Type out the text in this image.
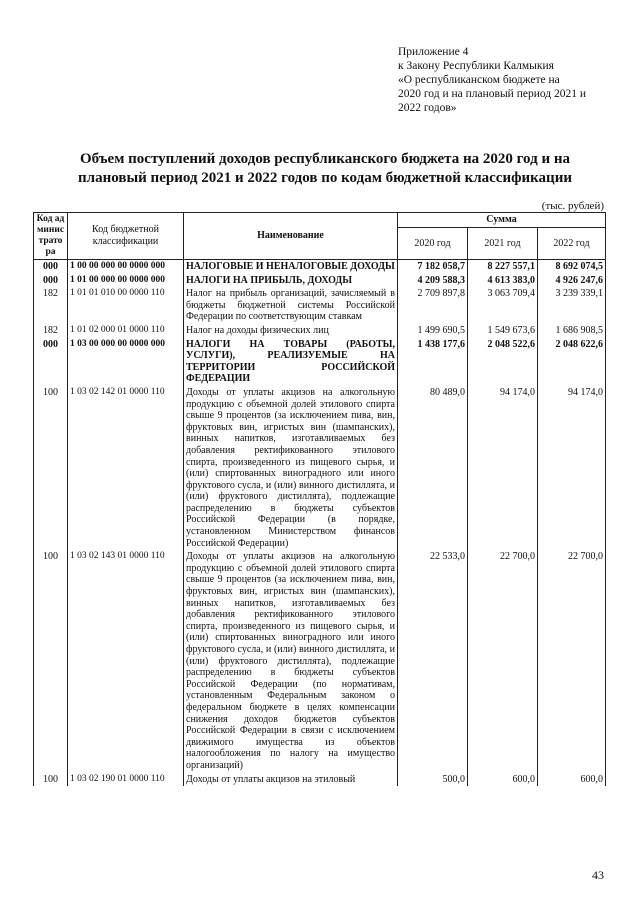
Приложение 4
к Закону Республики Калмыкия
«О республиканском бюджете на
2020 год и на плановый период 2021 и
2022 годов»
Объем поступлений доходов республиканского бюджета на 2020 год и на плановый период 2021 и 2022 годов по кодам бюджетной классификации
(тыс. рублей)
Код администратора	Код бюджетной классификации	Наименование	Сумма		
			2020 год	2021 год	2022 год
000	1 00 00 000 00 0000 000	НАЛОГОВЫЕ И НЕНАЛОГОВЫЕ ДОХОДЫ	7 182 058,7	8 227 557,1	8 692 074,5
000	1 01 00 000 00 0000 000	НАЛОГИ НА ПРИБЫЛЬ, ДОХОДЫ	4 209 588,3	4 613 383,0	4 926 247,6
182	1 01 01 010 00 0000 110	Налог на прибыль организаций, зачисляемый в бюджеты бюджетной системы Российской Федерации по соответствующим ставкам	2 709 897,8	3 063 709,4	3 239 339,1
182	1 01 02 000 01 0000 110	Налог на доходы физических лиц	1 499 690,5	1 549 673,6	1 686 908,5
000	1 03 00 000 00 0000 000	НАЛОГИ НА ТОВАРЫ (РАБОТЫ, УСЛУГИ), РЕАЛИЗУЕМЫЕ НА ТЕРРИТОРИИ РОССИЙСКОЙ ФЕДЕРАЦИИ	1 438 177,6	2 048 522,6	2 048 622,6
100	1 03 02 142 01 0000 110	Доходы от уплаты акцизов на алкогольную продукцию с объемной долей этилового спирта свыше 9 процентов (за исключением пива, вин, фруктовых вин, игристых вин (шампанских), винных напитков, изготавливаемых без добавления ректификованного этилового спирта, произведенного из пищевого сырья, и (или) спиртованных виноградного или иного фруктового сусла, и (или) винного дистиллята, и (или) фруктового дистиллята), подлежащие распределению в бюджеты субъектов Российской Федерации (в порядке, установленном Министерством финансов Российской Федерации)	80 489,0	94 174,0	94 174,0
100	1 03 02 143 01 0000 110	Доходы от уплаты акцизов на алкогольную продукцию с объемной долей этилового спирта свыше 9 процентов (за исключением пива, вин, фруктовых вин, игристых вин (шампанских), винных напитков, изготавливаемых без добавления ректификованного этилового спирта, произведенного из пищевого сырья, и (или) спиртованных виноградного или иного фруктового сусла, и (или) винного дистиллята, и (или) фруктового дистиллята), подлежащие распределению в бюджеты субъектов Российской Федерации (по нормативам, установленным Федеральным законом о федеральном бюджете в целях компенсации снижения доходов бюджетов субъектов Российской Федерации в связи с исключением движимого имущества из объектов налогообложения по налогу на имущество организаций)	22 533,0	22 700,0	22 700,0
100	1 03 02 190 01 0000 110	Доходы от уплаты акцизов на этиловый	500,0	600,0	600,0
43
